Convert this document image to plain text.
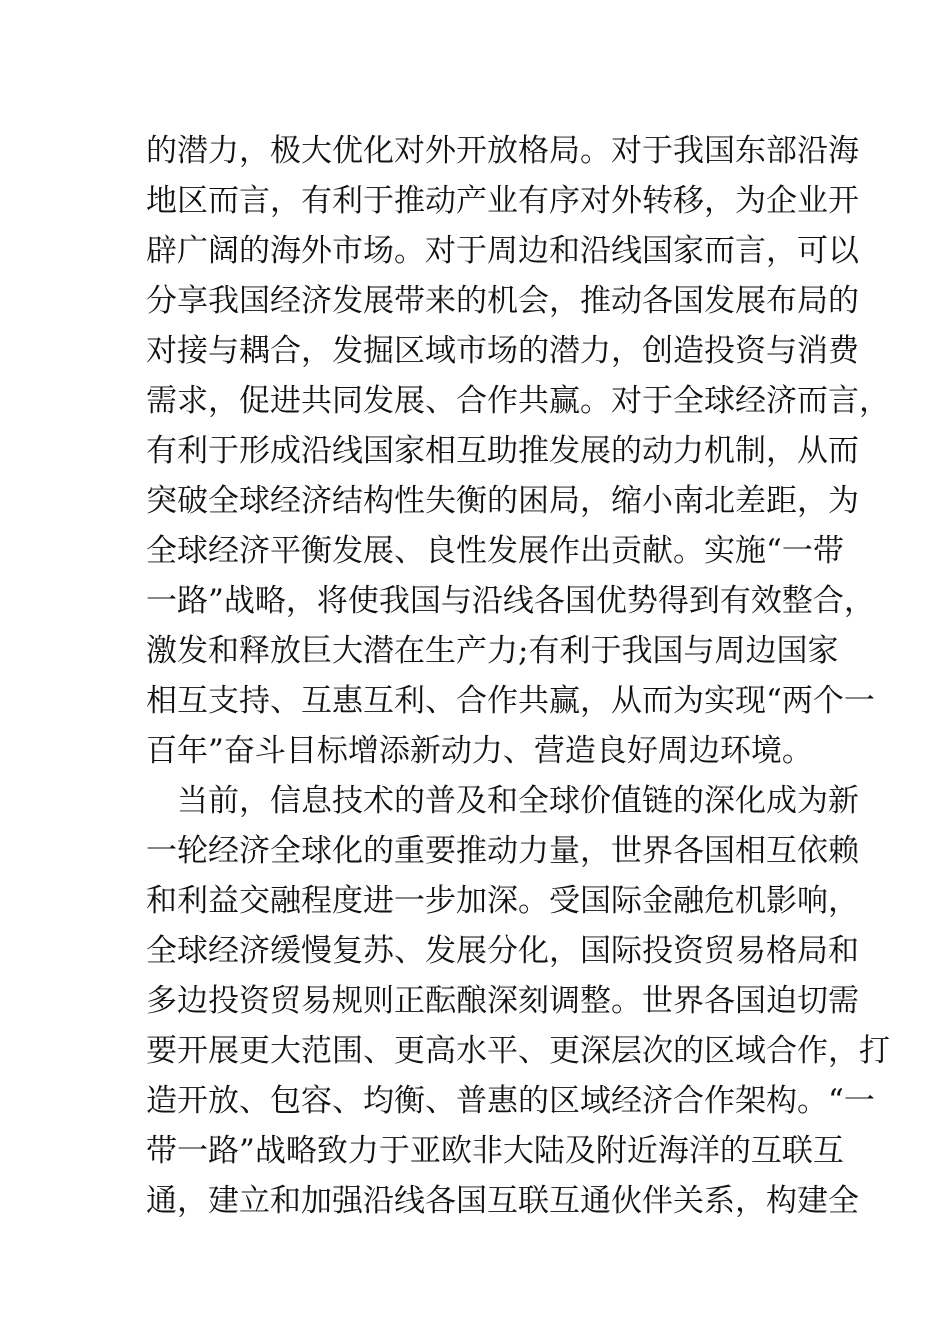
的潜力，极大优化对外开放格局。对于我国东部沿海
地区而言，有利于推动产业有序对外转移，为企业开
辟广阔的海外市场。对于周边和沿线国家而言，可以
分享我国经济发展带来的机会，推动各国发展布局的
对接与耦合，发掘区域市场的潜力，创造投资与消费
需求，促进共同发展、合作共赢。对于全球经济而言，
有利于形成沿线国家相互助推发展的动力机制，从而
突破全球经济结构性失衡的困局，缩小南北差距，为
全球经济平衡发展、良性发展作出贡献。实施“一带
一路”战略，将使我国与沿线各国优势得到有效整合，
激发和释放巨大潜在生产力;有利于我国与周边国家
相互支持、互惠互利、合作共赢，从而为实现“两个一
百年”奋斗目标增添新动力、营造良好周边环境。
当前，信息技术的普及和全球价值链的深化成为新
一轮经济全球化的重要推动力量，世界各国相互依赖
和利益交融程度进一步加深。受国际金融危机影响，
全球经济缓慢复苏、发展分化，国际投资贸易格局和
多边投资贸易规则正酝酿深刻调整。世界各国迫切需
要开展更大范围、更高水平、更深层次的区域合作，打
造开放、包容、均衡、普惠的区域经济合作架构。“一
带一路”战略致力于亚欧非大陆及附近海洋的互联互
通，建立和加强沿线各国互联互通伙伴关系，构建全
